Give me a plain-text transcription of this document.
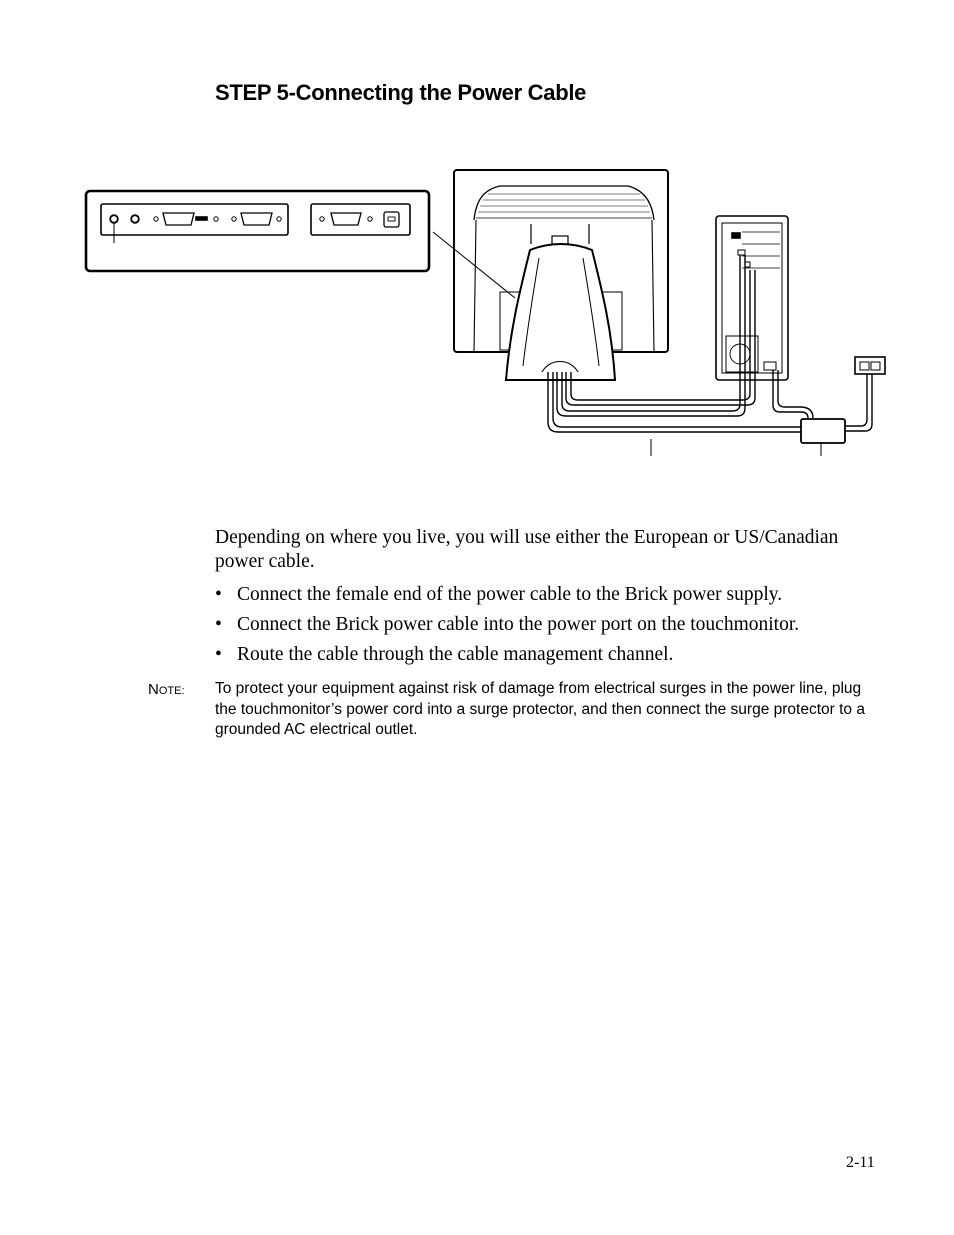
STEP 5-Connecting the Power Cable

Depending on where you live, you will use either the European or US/Canadian power cable.

• Connect the female end of the power cable to the Brick power supply.
• Connect the Brick power cable into the power port on the touchmonitor.
• Route the cable through the cable management channel.
NOTE: To protect your equipment against risk of damage from electrical surges in the power line, plug the touchmonitor’s power cord into a surge protector, and then connect the surge protector to a grounded AC electrical outlet.
2-11
